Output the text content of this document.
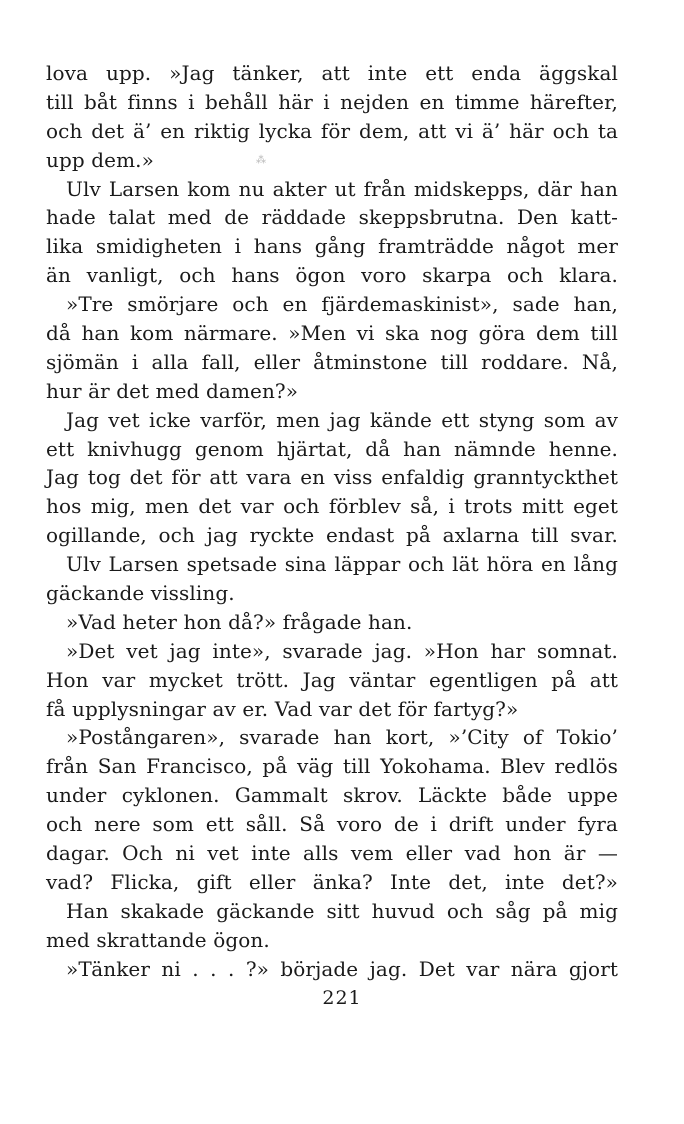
lova upp. »Jag tänker, att inte ett enda äggskal
till båt finns i behåll här i nejden en timme härefter,
och det ä’ en riktig lycka för dem, att vi ä’ här och ta
upp dem.»
Ulv Larsen kom nu akter ut från midskepps, där han
hade talat med de räddade skeppsbrutna. Den katt-
lika smidigheten i hans gång framträdde något mer
än vanligt, och hans ögon voro skarpa och klara.
»Tre smörjare och en fjärdemaskinist», sade han,
då han kom närmare. »Men vi ska nog göra dem till
sjömän i alla fall, eller åtminstone till roddare. Nå,
hur är det med damen?»
Jag vet icke varför, men jag kände ett styng som av
ett knivhugg genom hjärtat, då han nämnde henne.
Jag tog det för att vara en viss enfaldig granntyckthet
hos mig, men det var och förblev så, i trots mitt eget
ogillande, och jag ryckte endast på axlarna till svar.
Ulv Larsen spetsade sina läppar och lät höra en lång
gäckande vissling.
»Vad heter hon då?» frågade han.
»Det vet jag inte», svarade jag. »Hon har somnat.
Hon var mycket trött. Jag väntar egentligen på att
få upplysningar av er. Vad var det för fartyg?»
»Postångaren», svarade han kort, »’City of Tokio’
från San Francisco, på väg till Yokohama. Blev redlös
under cyklonen. Gammalt skrov. Läckte både uppe
och nere som ett såll. Så voro de i drift under fyra
dagar. Och ni vet inte alls vem eller vad hon är —
vad? Flicka, gift eller änka? Inte det, inte det?»
Han skakade gäckande sitt huvud och såg på mig
med skrattande ögon.
»Tänker ni . . . ?» började jag. Det var nära gjort
⁂
221
